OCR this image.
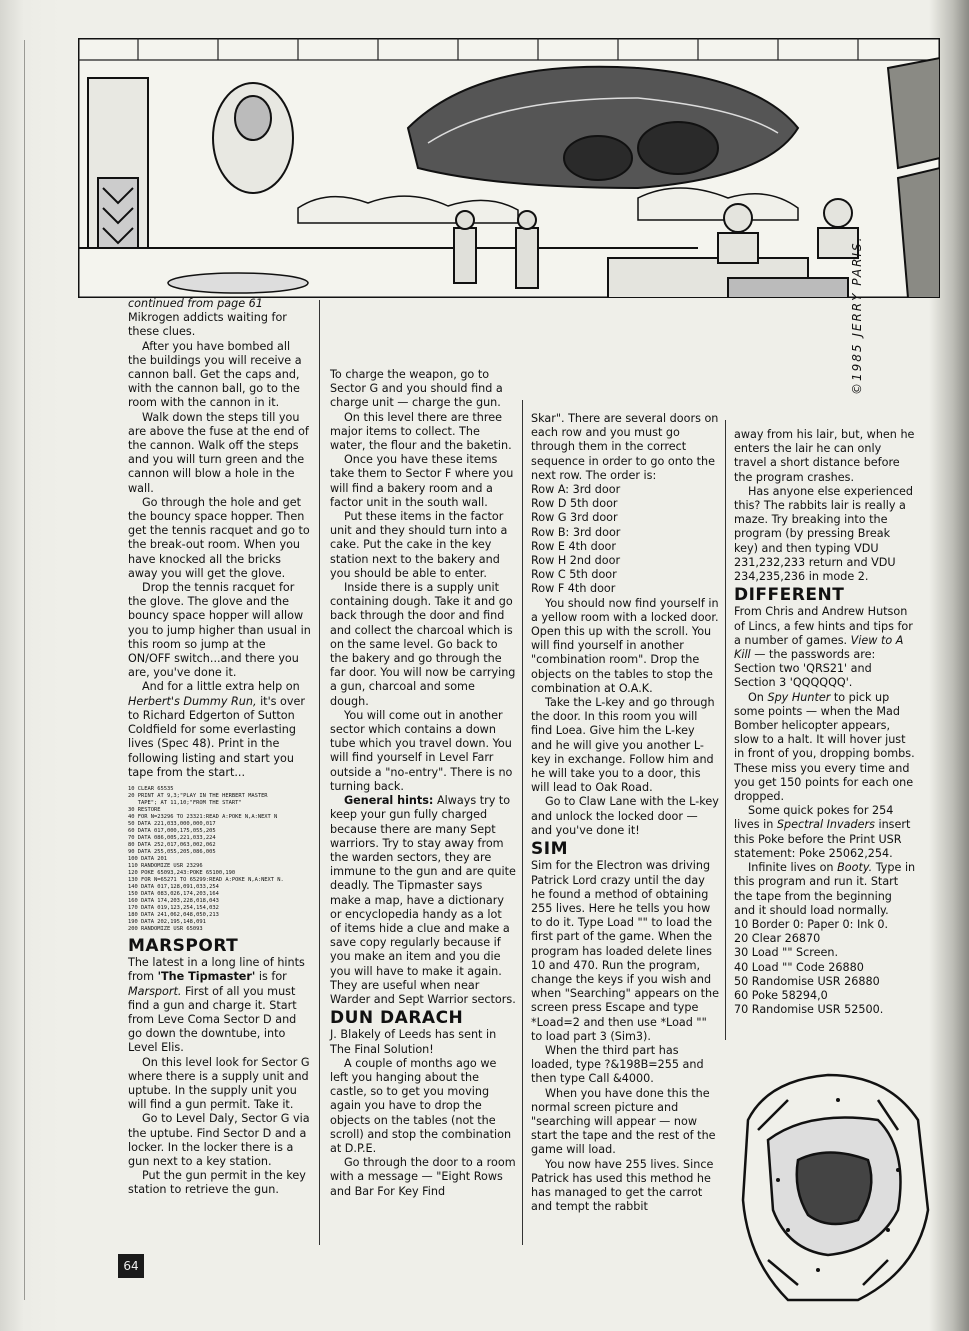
©1985 JERRY PARIS.

continued from page 61

Mikrogen addicts waiting for these clues.

After you have bombed all the buildings you will receive a cannon ball. Get the caps and, with the cannon ball, go to the room with the cannon in it.

Walk down the steps till you are above the fuse at the end of the cannon. Walk off the steps and you will turn green and the cannon will blow a hole in the wall.

Go through the hole and get the bouncy space hopper. Then get the tennis racquet and go to the break-out room. When you have knocked all the bricks away you will get the glove.

Drop the tennis racquet for the glove. The glove and the bouncy space hopper will allow you to jump higher than usual in this room so jump at the ON/OFF switch...and there you are, you've done it.

And for a little extra help on Herbert's Dummy Run, it's over to Richard Edgerton of Sutton Coldfield for some everlasting lives (Spec 48). Print in the following listing and start you tape from the start...

10 CLEAR 65535
20 PRINT AT 9,3;"PLAY IN THE HERBERT MASTER
TAPE"; AT 11,10;"FROM THE START"
30 RESTORE
40 FOR N=23296 TO 23321:READ A:POKE N,A:NEXT N
50 DATA 221,033,000,000,017
60 DATA 017,000,175,055,205
70 DATA 086,005,221,033,224
80 DATA 252,017,063,002,062
90 DATA 255,055,205,086,005
100 DATA 201
110 RANDOMIZE USR 23296
120 POKE 65093,243:POKE 65100,190
130 FOR N=65271 TO 65299:READ A:POKE N,A:NEXT N.
140 DATA 017,128,091,033,254
150 DATA 083,026,174,203,164
160 DATA 174,203,228,018,043
170 DATA 019,123,254,154,032
180 DATA 241,062,048,050,213
190 DATA 202,195,148,091
200 RANDOMIZE USR 65093
MARSPORT

The latest in a long line of hints from 'The Tipmaster' is for Marsport. First of all you must find a gun and charge it. Start from Leve Coma Sector D and go down the downtube, into Level Elis.

On this level look for Sector G where there is a supply unit and uptube. In the supply unit you will find a gun permit. Take it.

Go to Level Daly, Sector G via the uptube. Find Sector D and a locker. In the locker there is a gun next to a key station.

Put the gun permit in the key station to retrieve the gun.

To charge the weapon, go to Sector G and you should find a charge unit — charge the gun.

On this level there are three major items to collect. The water, the flour and the baketin.

Once you have these items take them to Sector F where you will find a bakery room and a factor unit in the south wall.

Put these items in the factor unit and they should turn into a cake. Put the cake in the key station next to the bakery and you should be able to enter.

Inside there is a supply unit containing dough. Take it and go back through the door and find and collect the charcoal which is on the same level. Go back to the bakery and go through the far door. You will now be carrying a gun, charcoal and some dough.

You will come out in another sector which contains a down tube which you travel down. You will find yourself in Level Farr outside a "no-entry". There is no turning back.

General hints: Always try to keep your gun fully charged because there are many Sept warriors. Try to stay away from the warden sectors, they are immune to the gun and are quite deadly. The Tipmaster says make a map, have a dictionary or encyclopedia handy as a lot of items hide a clue and make a save copy regularly because if you make an item and you die you will have to make it again. They are useful when near Warder and Sept Warrior sectors.

DUN DARACH

J. Blakely of Leeds has sent in The Final Solution!

A couple of months ago we left you hanging about the castle, so to get you moving again you have to drop the objects on the tables (not the scroll) and stop the combination at D.P.E.

Go through the door to a room with a message — "Eight Rows and Bar For Key Find

Skar". There are several doors on each row and you must go through them in the correct sequence in order to go onto the next row. The order is:

Row A: 3rd door
Row D 5th door
Row G 3rd door
Row B: 3rd door
Row E 4th door
Row H 2nd door
Row C 5th door
Row F 4th door

You should now find yourself in a yellow room with a locked door. Open this up with the scroll. You will find yourself in another "combination room". Drop the objects on the tables to stop the combination at O.A.K.

Take the L-key and go through the door. In this room you will find Loea. Give him the L-key and he will give you another L-key in exchange. Follow him and he will take you to a door, this will lead to Oak Road.

Go to Claw Lane with the L-key and unlock the locked door — and you've done it!

SIM

Sim for the Electron was driving Patrick Lord crazy until the day he found a method of obtaining 255 lives. Here he tells you how to do it. Type Load "" to load the first part of the game. When the program has loaded delete lines 10 and 470. Run the program, change the keys if you wish and when "Searching" appears on the screen press Escape and type *Load=2 and then use *Load "" to load part 3 (Sim3).

When the third part has loaded, type ?&198B=255 and then type Call &4000.

When you have done this the normal screen picture and "searching will appear — now start the tape and the rest of the game will load.

You now have 255 lives. Since Patrick has used this method he has managed to get the carrot and tempt the rabbit

away from his lair, but, when he enters the lair he can only travel a short distance before the program crashes.

Has anyone else experienced this? The rabbits lair is really a maze. Try breaking into the program (by pressing Break key) and then typing VDU 231,232,233 return and VDU 234,235,236 in mode 2.

DIFFERENT

From Chris and Andrew Hutson of Lincs, a few hints and tips for a number of games. View to A Kill — the passwords are: Section two 'QRS21' and Section 3 'QQQQQQ'.

On Spy Hunter to pick up some points — when the Mad Bomber helicopter appears, slow to a halt. It will hover just in front of you, dropping bombs. These miss you every time and you get 150 points for each one dropped.

Some quick pokes for 254 lives in Spectral Invaders insert this Poke before the Print USR statement: Poke 25062,254.

Infinite lives on Booty. Type in this program and run it. Start the tape from the beginning and it should load normally.

10 Border 0: Paper 0: Ink 0.
20 Clear 26870
30 Load "" Screen.
40 Load "" Code 26880
50 Randomise USR 26880
60 Poke 58294,0
70 Randomise USR 52500.
64
